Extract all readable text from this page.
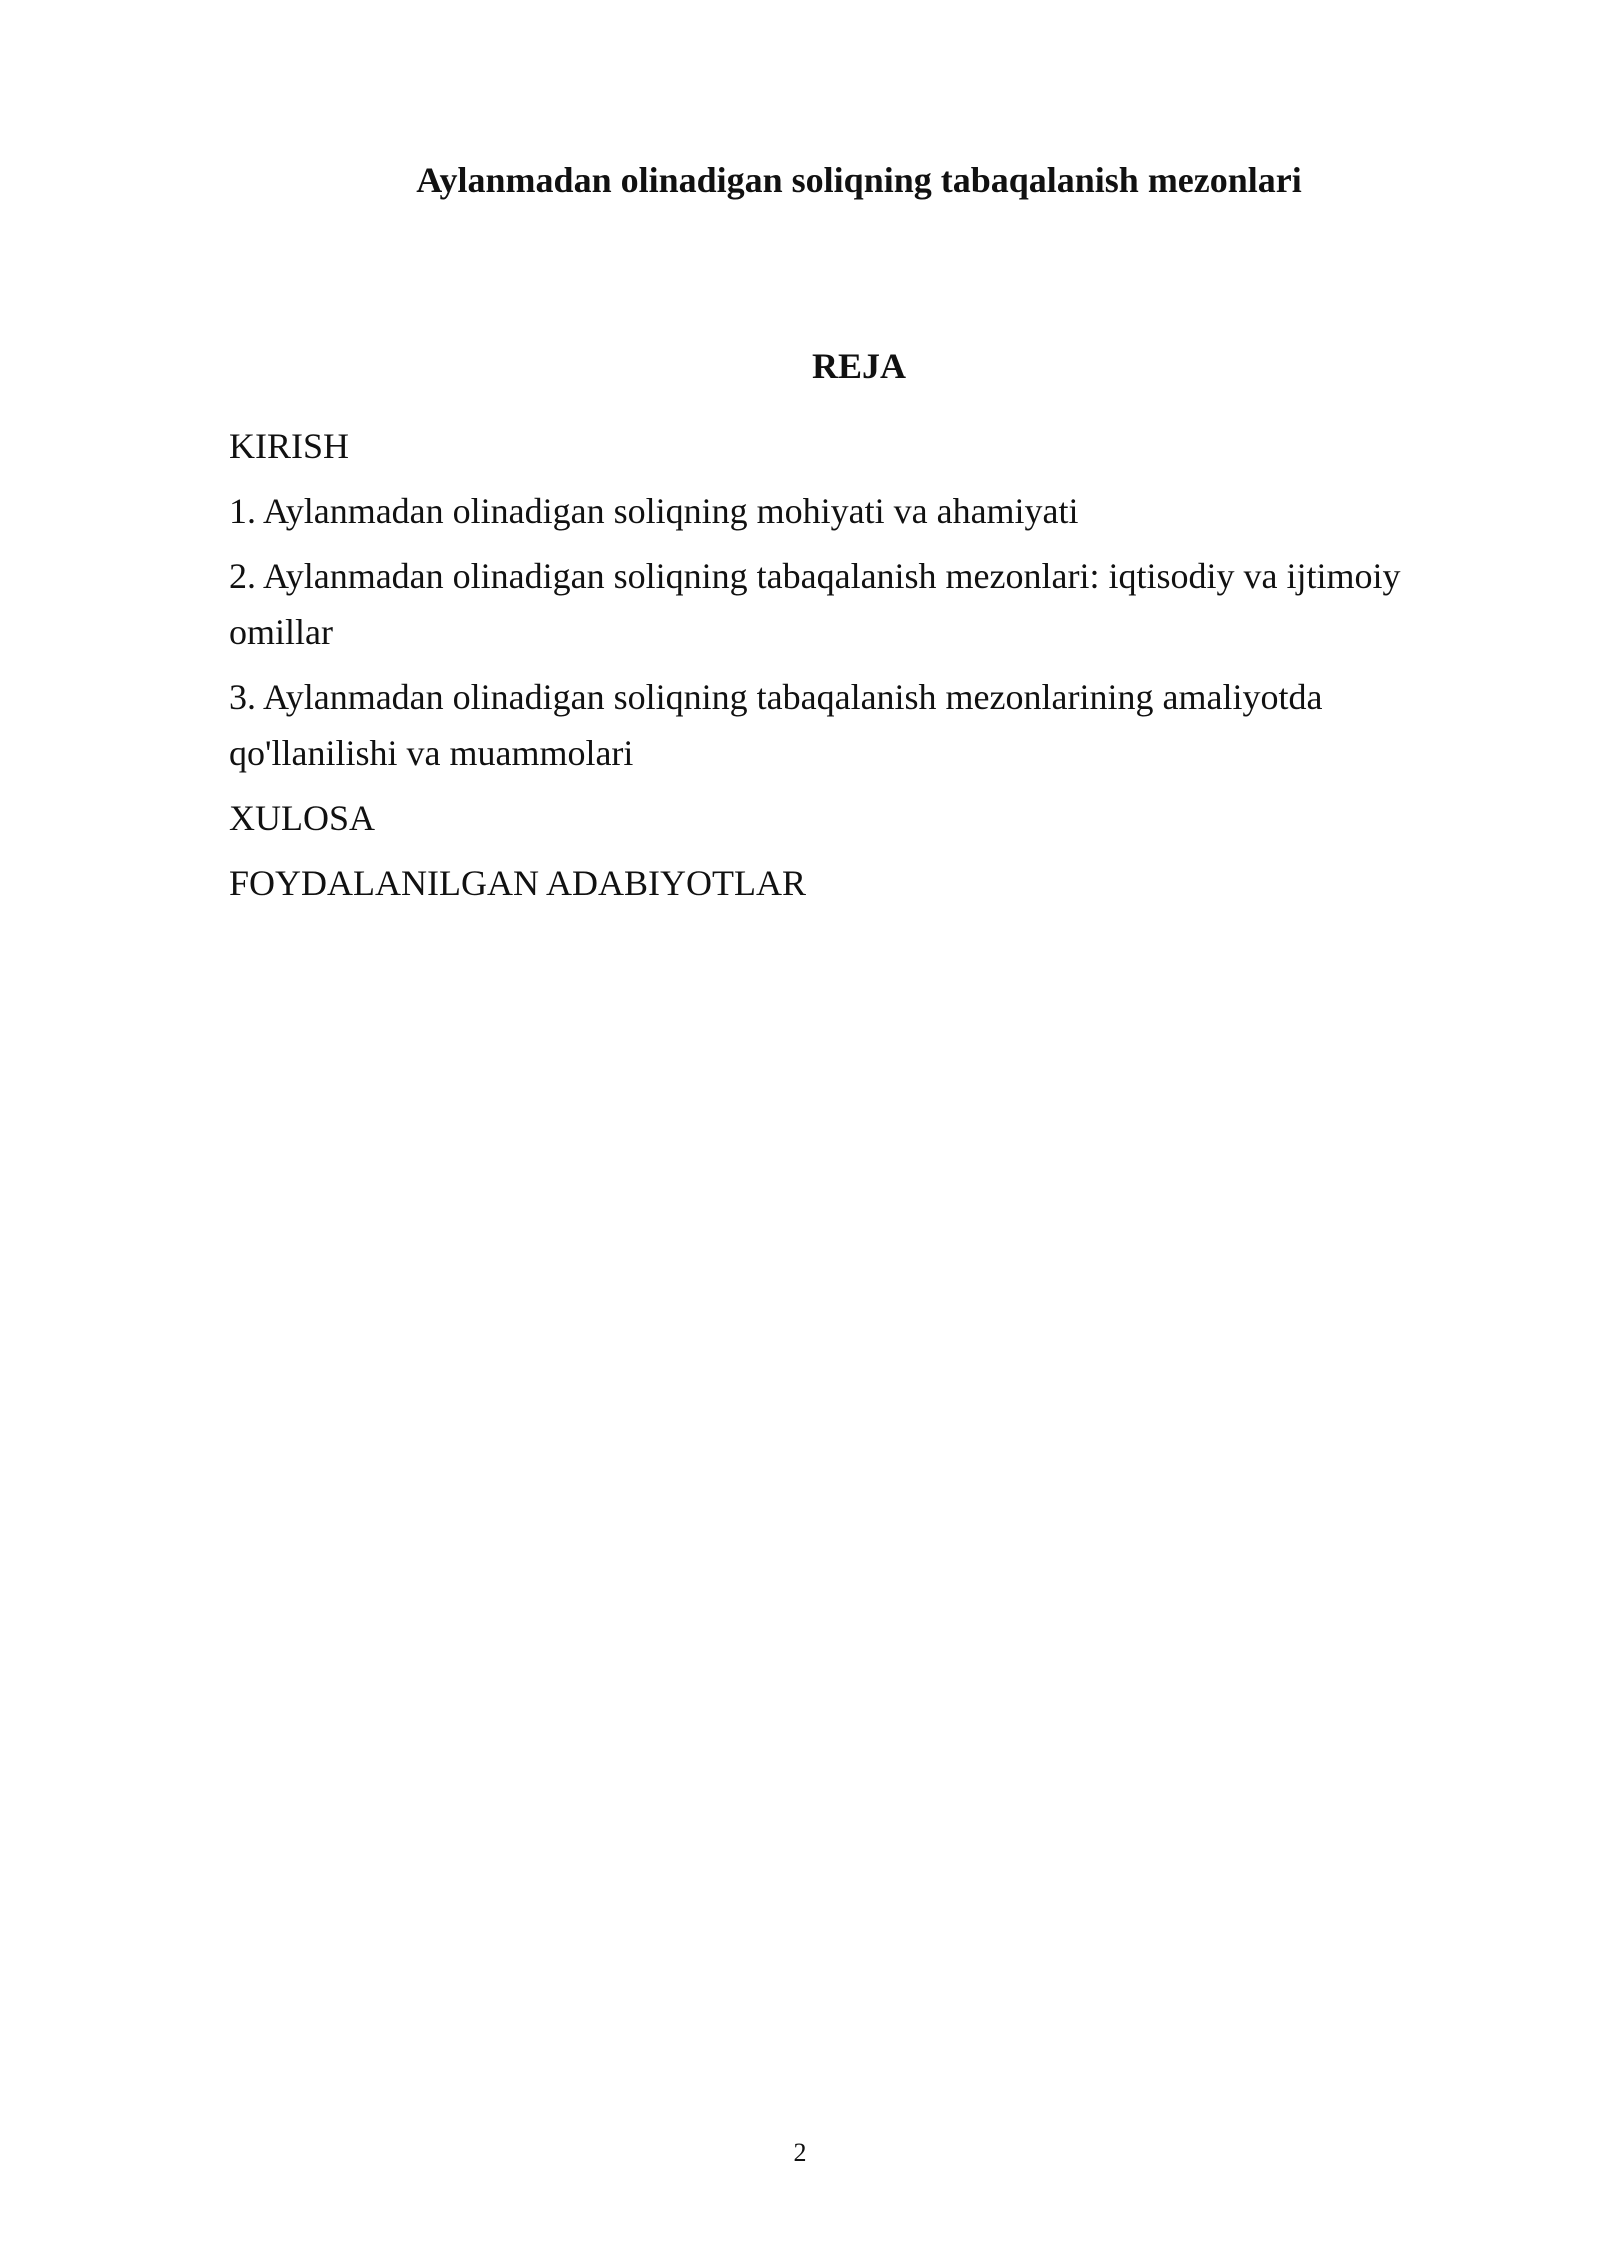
Aylanmadan olinadigan soliqning tabaqalanish mezonlari
REJA
KIRISH
1. Aylanmadan olinadigan soliqning mohiyati va ahamiyati
2. Aylanmadan olinadigan soliqning tabaqalanish mezonlari: iqtisodiy va ijtimoiy omillar
3. Aylanmadan olinadigan soliqning tabaqalanish mezonlarining amaliyotda qo'llanilishi va muammolari
XULOSA
FOYDALANILGAN ADABIYOTLAR
2
